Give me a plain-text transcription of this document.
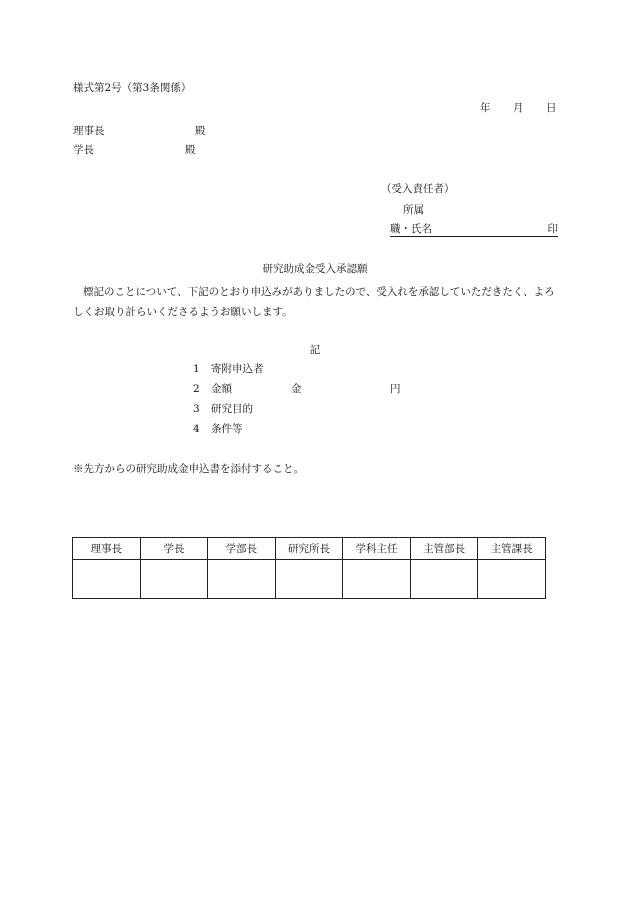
様式第2号（第3条関係）
年 月 日
理事長	殿
学長	殿
（受入責任者）
所属
職・氏名	印
研究助成金受入承認願
標記のことについて、下記のとおり申込みがありましたので、受入れを承認していただきたく、よろしくお取り計らいくださるようお願いします。
記
1 寄附申込者
2 金額	金	円
3 研究目的
4 条件等
※先方からの研究助成金申込書を添付すること。
理事長	学長	学部長	研究所長	学科主任	主管部長	主管課長
